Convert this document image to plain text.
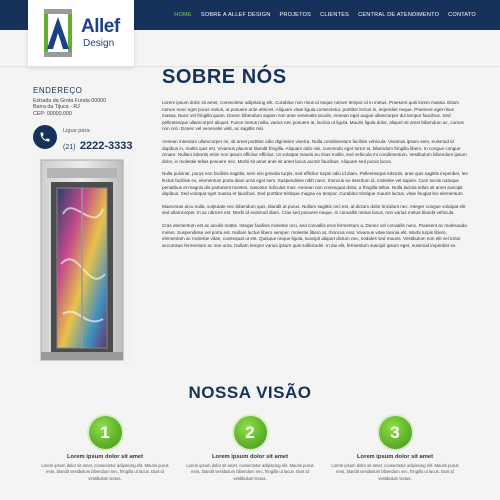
HOME SOBRE A ALLEF DESIGN PROJETOS CLIENTES CENTRAL DE ATENDIMENTO CONTATO
Allef
Design
ENDEREÇO
Estrada da Grota Funda 00000
Barra da Tijuca - RJ
CEP: 00000.000
Ligue para:
(21) 2222-3333
SOBRE NÓS

Lorem ipsum dolor sit amet, consectetur adipiscing elit. Curabitur non risus id neque rutrum tempor id in metus. Praesent quis lorem massa. Etiam rutrum nunc eget purus varius, ut posuere ante ultrices. Aliquam vitae ligula consectetur, porttitor lectus in, imperdiet neque. Praesent eget risus massa. Nunc vel fringilla quam. Donec bibendum sapien non ante venenatis iaculis. Aenean eget augue ullamcorper dui tempor faucibus. Sed pellentesque ullamcorper aliquet. Fusce metus nulla, varius nec posuere at, lacinia ut ligula. Mauris ligula dolor, aliquet sit amet bibendum ac, cursus non orci. Donec vel venenatis velit, ac sagittis nisi.

Aenean interdum ullamcorper mi, sit amet porttitor odio dignissim viverra. Nulla condimentum facilisis vehicula. Vivamus ipsum sem, euismod id dapibus in, mattis quis est. Vivamus placerat blandit fringilla. Aliquam odio nisi, commodo eget tortor et, bibendum fringilla libero. In congue congue ornare. Nullam lobortis enim non ipsum efficitur efficitur. Ut volutpat mauris eu risus mollis, sed vehicula mi condimentum. Vestibulum bibendum ipsum dolor, in molestie tellus posuere nec. Morbi sit amet ante sit amet lacus auctor faucibus. Aliquam sed purus lacus.

Nulla pulvinar, purus non facilisis sagittis, sem nisi gravida turpis, sed efficitur turpis odio id diam. Pellentesque lobortis, ante quis sagittis imperdiet, leo lectus facilisis ex, elementum porta diam urna eget sem. Suspendisse nibh nunc, rhoncus eu interdum id, molestie vel sapien. Cum sociis natoque penatibus et magnis dis parturient montes, nascetur ridiculus mus. Aenean non consequat dolor, a fringilla tellus. Nulla lacinia tellus sit amet suscipit dapibus. Sed volutpat eget massa et faucibus. Sed porttitor tristique magna eu tempor. Curabitur tristique mauris lectus, vitae feugiat leo elementum.

Maecenas arcu nulla, vulputate nec bibendum quis, blandit at purus. Nullam sagittis orci est, at dictum dolor tincidunt nec. Integer congue volutpat elit sed ullamcorper. In ac ultrices est. Morbi id euismod diam. Cras sed posuere neque. In convallis metus lacus, non varius metus blandit vehicula.

Cras elementum est ac iaculis mattis. Integer facilisis molestie orci, sed convallis eros fermentum a. Donec vel convallis nunc. Praesent ac malesuada metus. Suspendisse vel porta est. Nullam luctus libero semper, molestie libero at, rhoncus erat. Vivamus vitae lacinia elit. Morbi turpis libero, elementum ac molestie vitae, consequat ut est. Quisque neque ligula, suscipit aliquet dictum nec, sodales sed mauris. Vestibulum non elit vel tortor accumsan fermentum ac non urna. Nullam tempor varius ipsum quis sollicitudin. In dui elit, fermentum suscipit ipsum eget, euismod imperdiet ex.

NOSSA VISÃO
1
Lorem ipsum dolor sit amet
Lorem ipsum dolor sit amet, consectetur adipiscing elit. Mauris purus eros, blandit vestibulum bibendum nec, fringilla ut lacus. Duis id vestibulum lectus.
2
Lorem ipsum dolor sit amet
Lorem ipsum dolor sit amet, consectetur adipiscing elit. Mauris purus eros, blandit vestibulum bibendum nec, fringilla ut lacus. Duis id vestibulum lectus.
3
Lorem ipsum dolor sit amet
Lorem ipsum dolor sit amet, consectetur adipiscing elit. Mauris purus eros, blandit vestibulum bibendum nec, fringilla ut lacus. Duis id vestibulum lectus.
